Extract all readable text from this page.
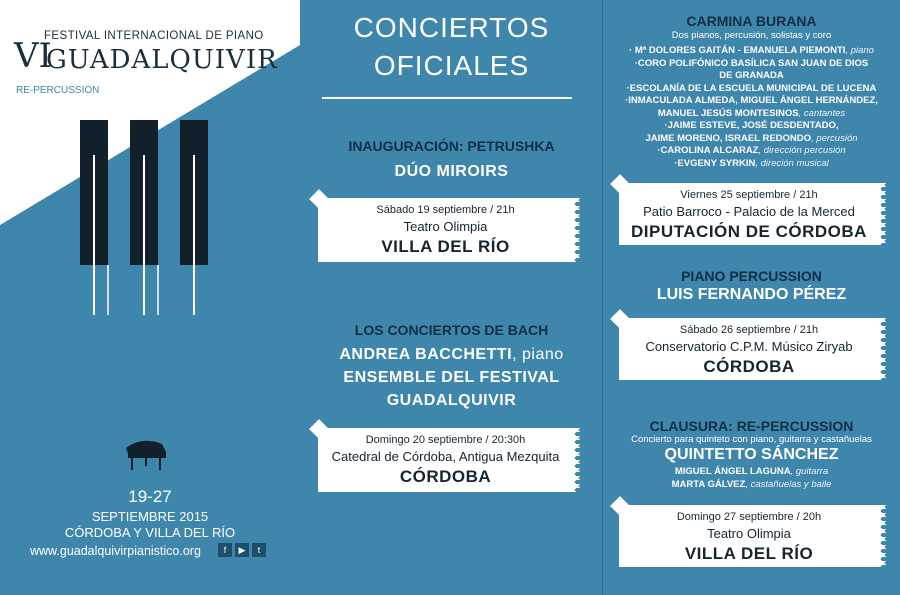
FESTIVAL INTERNACIONAL DE PIANO
VI
GUADALQUIVIR
RE-PERCUSSION
19-27
SEPTIEMBRE 2015
CÓRDOBA Y VILLA DEL RÍO
www.guadalquivirpianistico.org	f	▶	t
CONCIERTOS
OFICIALES
INAUGURACIÓN: PETRUSHKA
DÚO MIROIRS
Sábado 19 septiembre / 21h
Teatro Olimpia
VILLA DEL RÍO
LOS CONCIERTOS DE BACH
ANDREA BACCHETTI, piano
ENSEMBLE DEL FESTIVAL
GUADALQUIVIR
Domingo 20 septiembre / 20:30h
Catedral de Córdoba, Antigua Mezquita
CÓRDOBA
CARMINA BURANA
Dos pianos, percusión, solistas y coro
· Mª DOLORES GAITÁN - EMANUELA PIEMONTI, piano
·CORO POLIFÓNICO BASÍLICA SAN JUAN DE DIOS
DE GRANADA
·ESCOLANÍA DE LA ESCUELA MUNICIPAL DE LUCENA
·INMACULADA ALMEDA, MIGUEL ÁNGEL HERNÁNDEZ,
MANUEL JESÚS MONTESINOS, cantantes
·JAIME ESTEVE, JOSÉ DESDENTADO,
JAIME MORENO, ISRAEL REDONDO, percusión
·CAROLINA ALCARAZ, dirección percusión
·EVGENY SYRKIN, direción musical
Viernes 25 septiembre / 21h
Patio Barroco - Palacio de la Merced
DIPUTACIÓN DE CÓRDOBA
PIANO PERCUSSION
LUIS FERNANDO PÉREZ
Sábado 26 septiembre / 21h
Conservatorio C.P.M. Músico Ziryab
CÓRDOBA
CLAUSURA: RE-PERCUSSION
Concierto para quinteto con piano, guitarra y castañuelas
QUINTETTO SÁNCHEZ
MIGUEL ÁNGEL LAGUNA, guitarra
MARTA GÁLVEZ, castañuelas y baile
Domingo 27 septiembre / 20h
Teatro Olimpia
VILLA DEL RÍO
